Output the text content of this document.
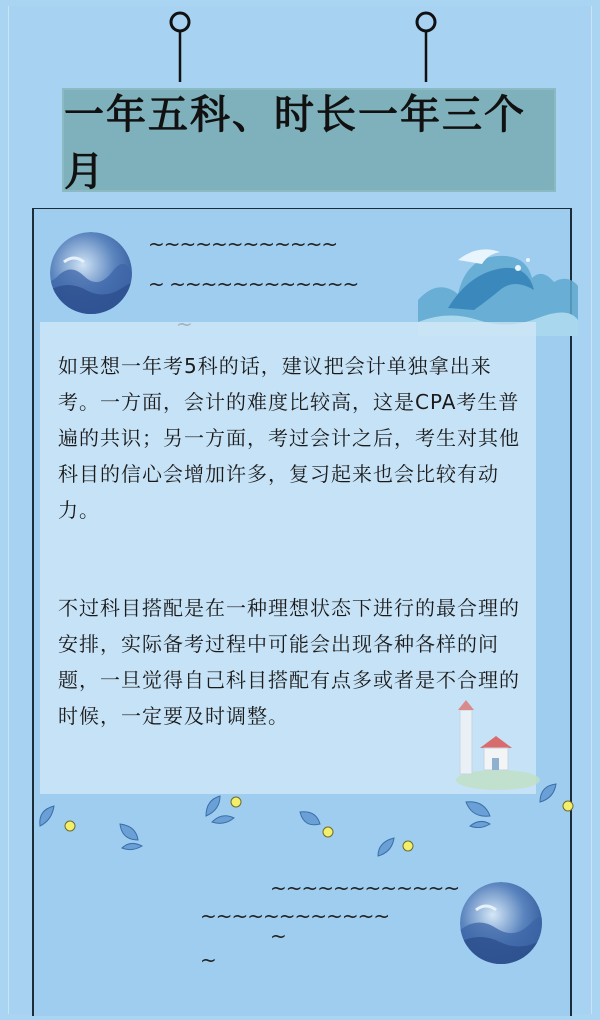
一年五科、时长一年三个月
~~~~~~~~~~~~
~ ~~~~~~~~~~~~

如果想一年考5科的话，建议把会计单独拿出来考。一方面，会计的难度比较高，这是CPA考生普遍的共识；另一方面，考过会计之后，考生对其他科目的信心会增加许多，复习起来也会比较有动力。

不过科目搭配是在一种理想状态下进行的最合理的安排，实际备考过程中可能会出现各种各样的问题，一旦觉得自己科目搭配有点多或者是不合理的时候，一定要及时调整。

~~~~~~~~~~~~
~~~~~~~~~~~~
~
~
